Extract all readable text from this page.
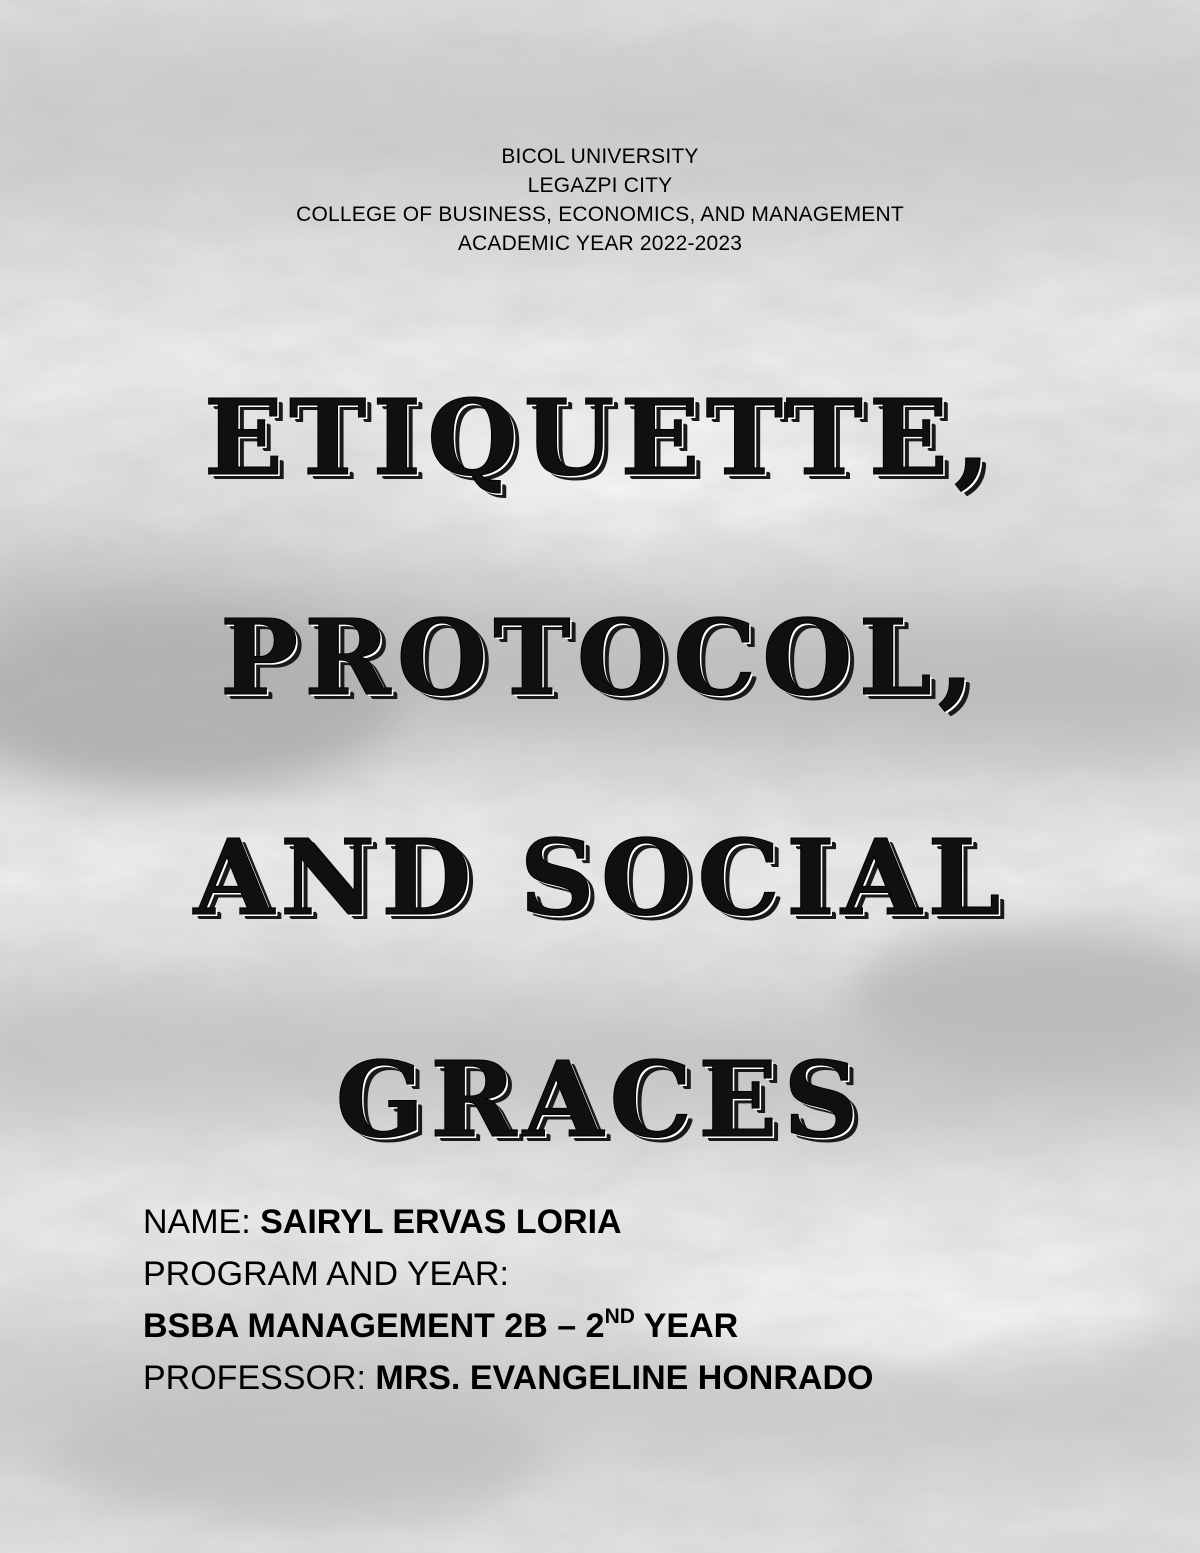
BICOL UNIVERSITY
LEGAZPI CITY
COLLEGE OF BUSINESS, ECONOMICS, AND MANAGEMENT
ACADEMIC YEAR 2022-2023
ETIQUETTE,
PROTOCOL,
AND SOCIAL
GRACES
NAME: SAIRYL ERVAS LORIA
PROGRAM AND YEAR:
BSBA MANAGEMENT 2B – 2ND YEAR
PROFESSOR: MRS. EVANGELINE HONRADO
